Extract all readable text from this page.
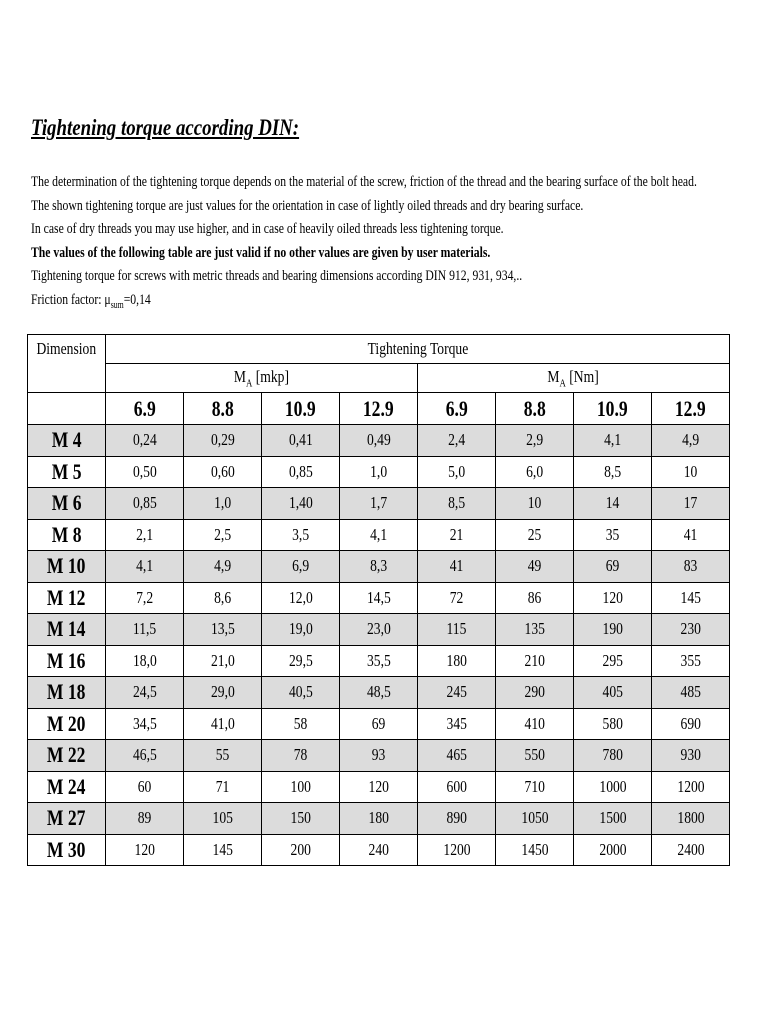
Tightening torque according DIN:
The determination of the tightening torque depends on the material of the screw, friction of the thread and the bearing surface of the bolt head.
The shown tightening torque are just values for the orientation in case of lightly oiled threads and dry bearing surface.
In case of dry threads you may use higher, and in case of heavily oiled threads less tightening torque.
The values of the following table are just valid if no other values are given by user materials.
Tightening torque for screws with metric threads and bearing dimensions according DIN 912, 931, 934,..
Friction factor: $\mu_{sum}=0,14$
Dimension	Tightening Torque							
	$M_A$ [mkp]				$M_A$ [Nm]			
	6.9	8.8	10.9	12.9	6.9	8.8	10.9	12.9
M 4	0,24	0,29	0,41	0,49	2,4	2,9	4,1	4,9
M 5	0,50	0,60	0,85	1,0	5,0	6,0	8,5	10
M 6	0,85	1,0	1,40	1,7	8,5	10	14	17
M 8	2,1	2,5	3,5	4,1	21	25	35	41
M 10	4,1	4,9	6,9	8,3	41	49	69	83
M 12	7,2	8,6	12,0	14,5	72	86	120	145
M 14	11,5	13,5	19,0	23,0	115	135	190	230
M 16	18,0	21,0	29,5	35,5	180	210	295	355
M 18	24,5	29,0	40,5	48,5	245	290	405	485
M 20	34,5	41,0	58	69	345	410	580	690
M 22	46,5	55	78	93	465	550	780	930
M 24	60	71	100	120	600	710	1000	1200
M 27	89	105	150	180	890	1050	1500	1800
M 30	120	145	200	240	1200	1450	2000	2400
